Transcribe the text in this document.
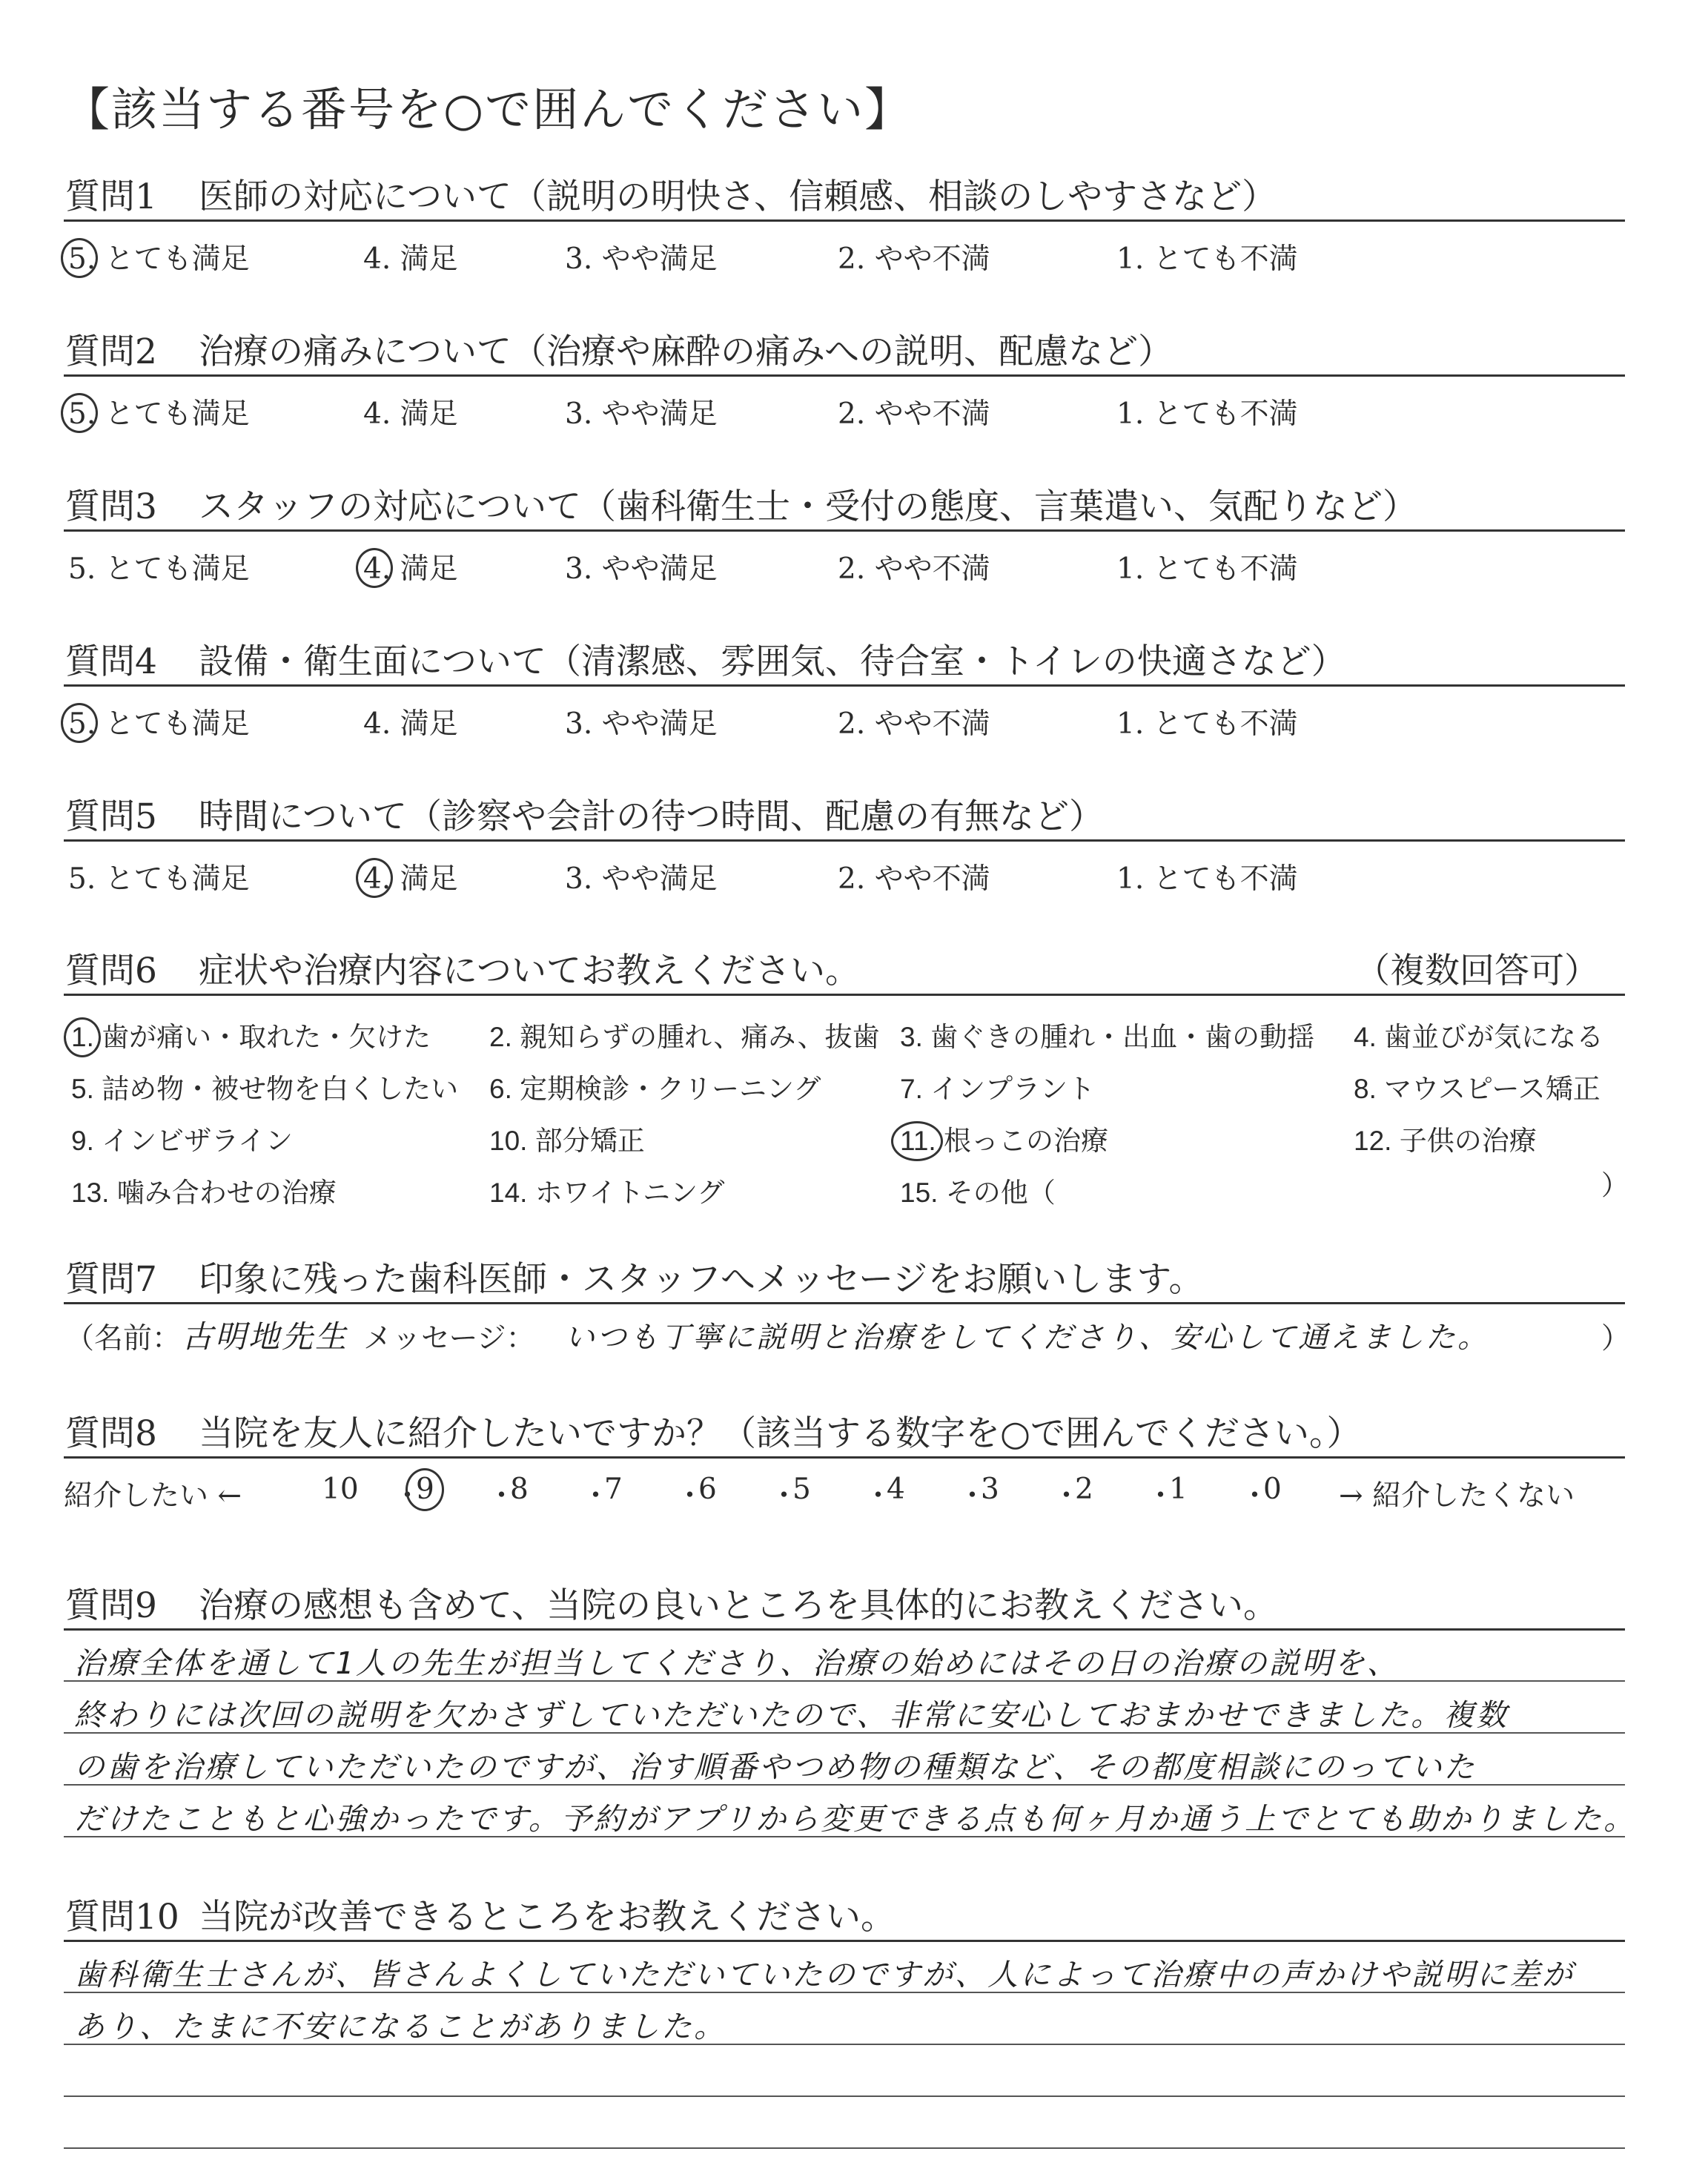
【該当する番号を○で囲んでください】
質問1 医師の対応について（説明の明快さ、信頼感、相談のしやすさなど）
5. とても満足	4. 満足	3. やや満足	2. やや不満	1. とても不満
質問2 治療の痛みについて（治療や麻酔の痛みへの説明、配慮など）
5. とても満足	4. 満足	3. やや満足	2. やや不満	1. とても不満
質問3 スタッフの対応について（歯科衛生士・受付の態度、言葉遣い、気配りなど）
5. とても満足	4. 満足	3. やや満足	2. やや不満	1. とても不満
質問4 設備・衛生面について（清潔感、雰囲気、待合室・トイレの快適さなど）
5. とても満足	4. 満足	3. やや満足	2. やや不満	1. とても不満
質問5 時間について（診察や会計の待つ時間、配慮の有無など）
5. とても満足	4. 満足	3. やや満足	2. やや不満	1. とても不満
質問6 症状や治療内容についてお教えください。	（複数回答可）
1. 歯が痛い・取れた・欠けた 2. 親知らずの腫れ、痛み、抜歯 3. 歯ぐきの腫れ・出血・歯の動揺 4. 歯並びが気になる
5. 詰め物・被せ物を白くしたい 6. 定期検診・クリーニング	7. インプラント	8. マウスピース矯正
9. インビザライン	10. 部分矯正	11. 根っこの治療	12. 子供の治療
13. 噛み合わせの治療	14. ホワイトニング	15. その他（	）
質問7 印象に残った歯科医師・スタッフへメッセージをお願いします。
（名前： 古明地先生 メッセージ： いつも丁寧に説明と治療をしてくださり、安心して通えました。	）
質問8 当院を友人に紹介したいですか？（該当する数字を○で囲んでください。）
紹介したい ←	10 ・
9 ・
8 ・
7 ・
6 ・
5 ・
4 ・
3 ・
2 ・
1 ・
0 → 紹介したくない
質問9 治療の感想も含めて、当院の良いところを具体的にお教えください。
治療全体を通して1人の先生が担当してくださり、治療の始めにはその日の治療の説明を、
終わりには次回の説明を欠かさずしていただいたので、非常に安心しておまかせできました。複数
の歯を治療していただいたのですが、治す順番やつめ物の種類など、その都度相談にのっていた
だけたこともと心強かったです。予約がアプリから変更できる点も何ヶ月か通う上でとても助かりました。
質問10 当院が改善できるところをお教えください。
歯科衛生士さんが、皆さんよくしていただいていたのですが、人によって治療中の声かけや説明に差が
あり、たまに不安になることがありました。
